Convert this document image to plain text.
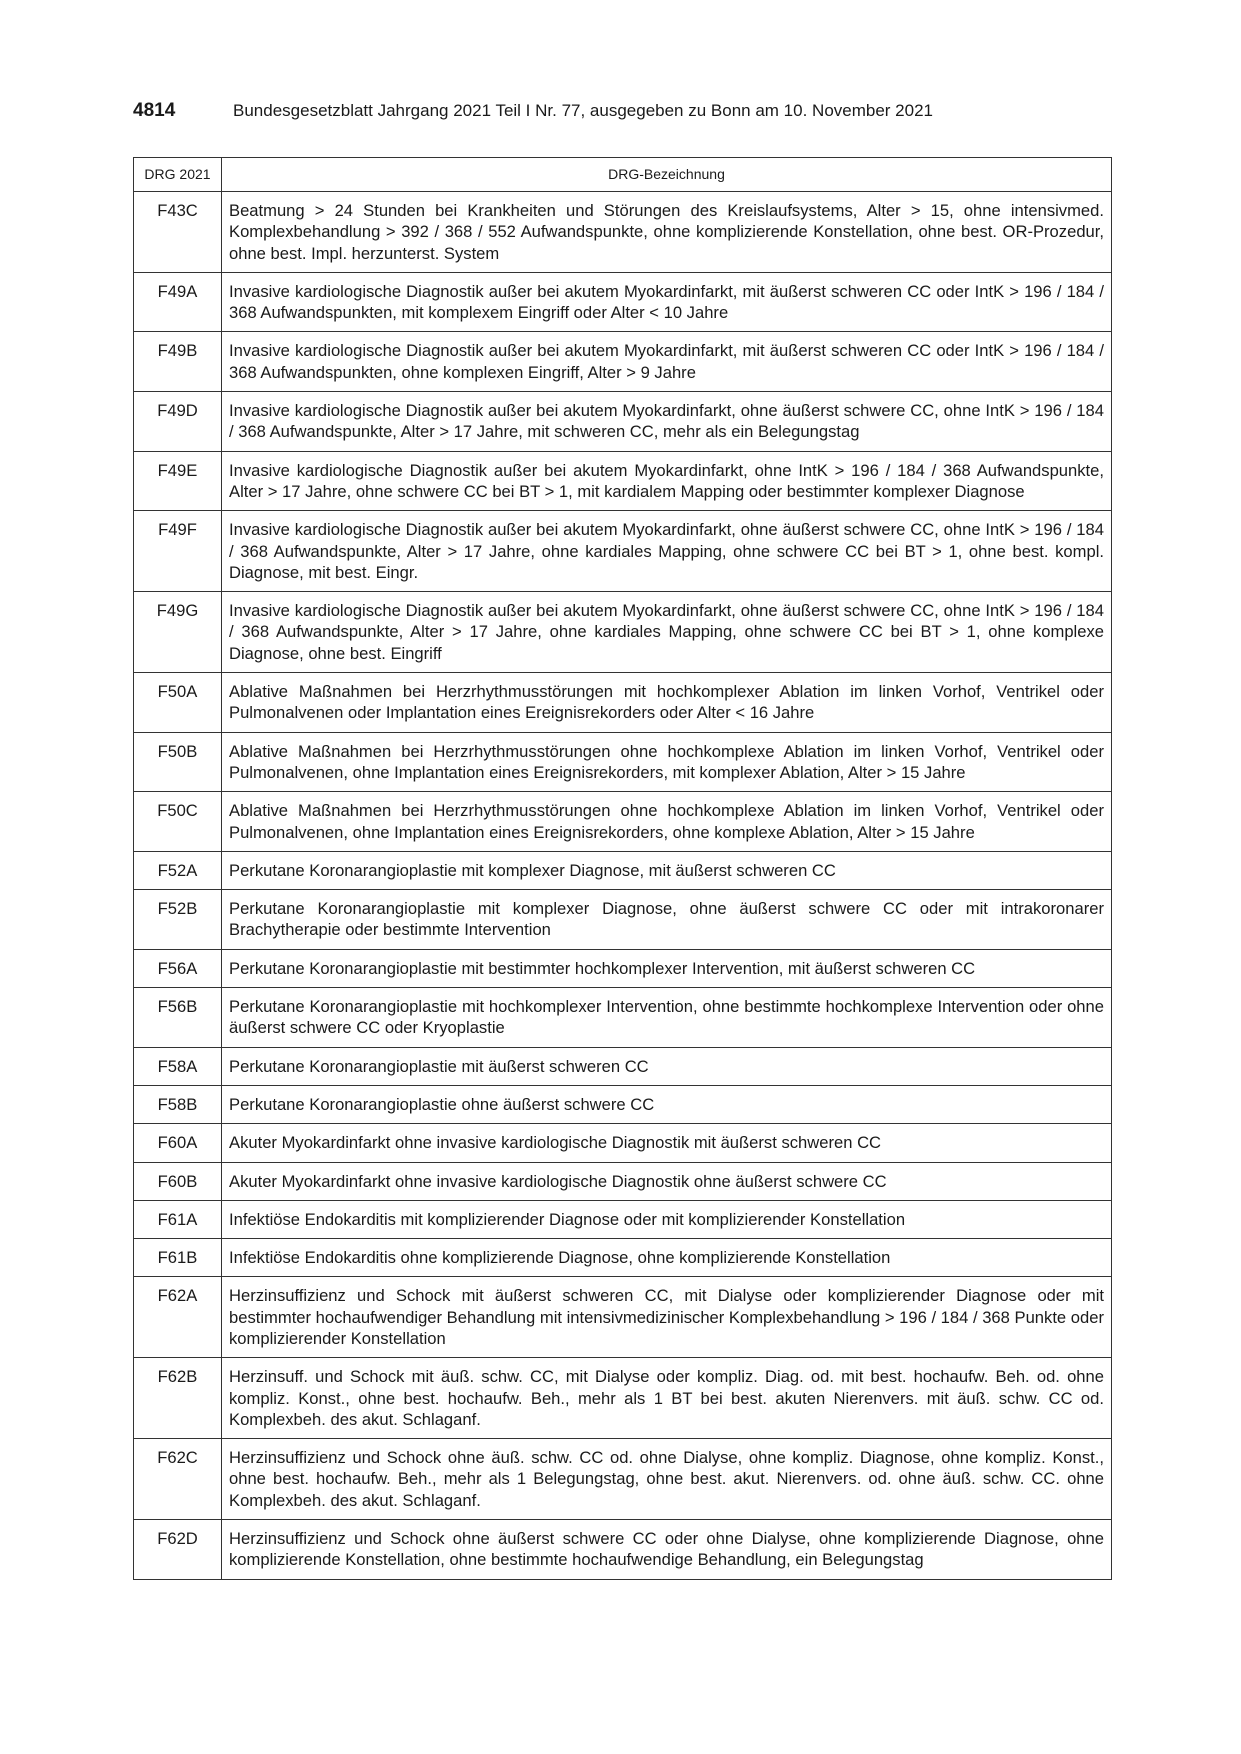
4814	Bundesgesetzblatt Jahrgang 2021 Teil I Nr. 77, ausgegeben zu Bonn am 10. November 2021
DRG 2021	DRG-Bezeichnung
F43C	Beatmung > 24 Stunden bei Krankheiten und Störungen des Kreislaufsystems, Alter > 15, ohne intensivmed. Komplexbehandlung > 392 / 368 / 552 Aufwandspunkte, ohne komplizierende Konstellation, ohne best. OR-Prozedur, ohne best. Impl. herzunterst. System
F49A	Invasive kardiologische Diagnostik außer bei akutem Myokardinfarkt, mit äußerst schweren CC oder IntK > 196 / 184 / 368 Aufwandspunkten, mit komplexem Eingriff oder Alter < 10 Jahre
F49B	Invasive kardiologische Diagnostik außer bei akutem Myokardinfarkt, mit äußerst schweren CC oder IntK > 196 / 184 / 368 Aufwandspunkten, ohne komplexen Eingriff, Alter > 9 Jahre
F49D	Invasive kardiologische Diagnostik außer bei akutem Myokardinfarkt, ohne äußerst schwere CC, ohne IntK > 196 / 184 / 368 Aufwandspunkte, Alter > 17 Jahre, mit schweren CC, mehr als ein Belegungstag
F49E	Invasive kardiologische Diagnostik außer bei akutem Myokardinfarkt, ohne IntK > 196 / 184 / 368 Aufwandspunkte, Alter > 17 Jahre, ohne schwere CC bei BT > 1, mit kardialem Mapping oder bestimmter komplexer Diagnose
F49F	Invasive kardiologische Diagnostik außer bei akutem Myokardinfarkt, ohne äußerst schwere CC, ohne IntK > 196 / 184 / 368 Aufwandspunkte, Alter > 17 Jahre, ohne kardiales Mapping, ohne schwere CC bei BT > 1, ohne best. kompl. Diagnose, mit best. Eingr.
F49G	Invasive kardiologische Diagnostik außer bei akutem Myokardinfarkt, ohne äußerst schwere CC, ohne IntK > 196 / 184 / 368 Aufwandspunkte, Alter > 17 Jahre, ohne kardiales Mapping, ohne schwere CC bei BT > 1, ohne komplexe Diagnose, ohne best. Eingriff
F50A	Ablative Maßnahmen bei Herzrhythmusstörungen mit hochkomplexer Ablation im linken Vorhof, Ventrikel oder Pulmonalvenen oder Implantation eines Ereignisrekorders oder Alter < 16 Jahre
F50B	Ablative Maßnahmen bei Herzrhythmusstörungen ohne hochkomplexe Ablation im linken Vorhof, Ventrikel oder Pulmonalvenen, ohne Implantation eines Ereignisrekorders, mit komplexer Ablation, Alter > 15 Jahre
F50C	Ablative Maßnahmen bei Herzrhythmusstörungen ohne hochkomplexe Ablation im linken Vorhof, Ventrikel oder Pulmonalvenen, ohne Implantation eines Ereignisrekorders, ohne komplexe Ablation, Alter > 15 Jahre
F52A	Perkutane Koronarangioplastie mit komplexer Diagnose, mit äußerst schweren CC
F52B	Perkutane Koronarangioplastie mit komplexer Diagnose, ohne äußerst schwere CC oder mit intrakoronarer Brachytherapie oder bestimmte Intervention
F56A	Perkutane Koronarangioplastie mit bestimmter hochkomplexer Intervention, mit äußerst schweren CC
F56B	Perkutane Koronarangioplastie mit hochkomplexer Intervention, ohne bestimmte hochkomplexe Intervention oder ohne äußerst schwere CC oder Kryoplastie
F58A	Perkutane Koronarangioplastie mit äußerst schweren CC
F58B	Perkutane Koronarangioplastie ohne äußerst schwere CC
F60A	Akuter Myokardinfarkt ohne invasive kardiologische Diagnostik mit äußerst schweren CC
F60B	Akuter Myokardinfarkt ohne invasive kardiologische Diagnostik ohne äußerst schwere CC
F61A	Infektiöse Endokarditis mit komplizierender Diagnose oder mit komplizierender Konstellation
F61B	Infektiöse Endokarditis ohne komplizierende Diagnose, ohne komplizierende Konstellation
F62A	Herzinsuffizienz und Schock mit äußerst schweren CC, mit Dialyse oder komplizierender Diagnose oder mit bestimmter hochaufwendiger Behandlung mit intensivmedizinischer Komplexbehandlung > 196 / 184 / 368 Punkte oder komplizierender Konstellation
F62B	Herzinsuff. und Schock mit äuß. schw. CC, mit Dialyse oder kompliz. Diag. od. mit best. hochaufw. Beh. od. ohne kompliz. Konst., ohne best. hochaufw. Beh., mehr als 1 BT bei best. akuten Nierenvers. mit äuß. schw. CC od. Komplexbeh. des akut. Schlaganf.
F62C	Herzinsuffizienz und Schock ohne äuß. schw. CC od. ohne Dialyse, ohne kompliz. Diagnose, ohne kompliz. Konst., ohne best. hochaufw. Beh., mehr als 1 Belegungstag, ohne best. akut. Nierenvers. od. ohne äuß. schw. CC. ohne Komplexbeh. des akut. Schlaganf.
F62D	Herzinsuffizienz und Schock ohne äußerst schwere CC oder ohne Dialyse, ohne komplizierende Diagnose, ohne komplizierende Konstellation, ohne bestimmte hochaufwendige Behandlung, ein Belegungstag
